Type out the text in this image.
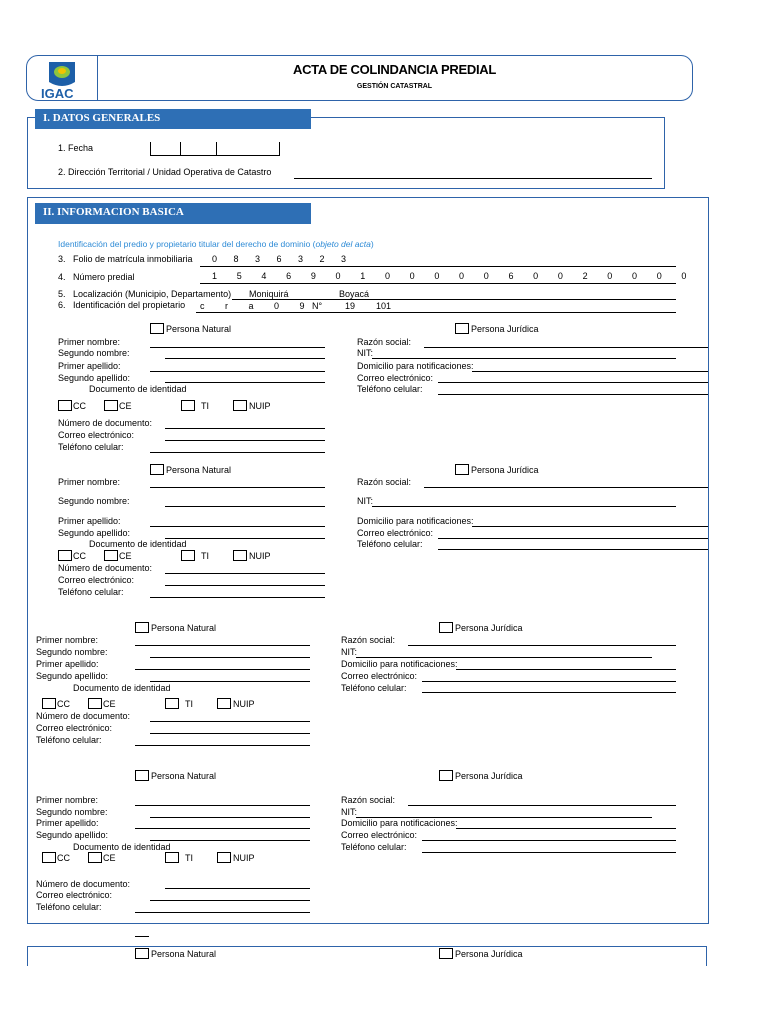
IGAC
ACTA DE COLINDANCIA PREDIAL
GESTIÓN CATASTRAL
I. DATOS GENERALES
1. Fecha
2. Dirección Territorial / Unidad Operativa de Catastro
II. INFORMACION BASICA
Identificación del predio y propietario titular del derecho de dominio (objeto del acta)
3. Folio de matrícula inmobiliaria 0 8 3 6 3 2 3
4. Número predial	1 5 4 6 9 0 1 0 0 0 0 0 6 0 0 2 0 0 0 0
5. Localización (Municipio, Departamento) Moniquirá	Boyacá
6. Identificación del propietario c r a 0 9
N°	19 101
Persona Natural	Persona Jurídica
Primer nombre:
Segundo nombre:
Primer apellido:
Segundo apellido:
Documento de identidad
CC	CE	TI	NUIP
Número de documento:
Correo electrónico:
Teléfono celular:
Razón social:
NIT:
Domicilio para notificaciones:
Correo electrónico:
Teléfono celular:
Persona Natural	Persona Jurídica
Primer nombre:
Segundo nombre:
Primer apellido:
Segundo apellido:
Documento de identidad
CC	CE	TI	NUIP
Número de documento:
Correo electrónico:
Teléfono celular:
Razón social:
NIT:
Domicilio para notificaciones:
Correo electrónico:
Teléfono celular:
Persona Natural	Persona Jurídica
Primer nombre:
Segundo nombre:
Primer apellido:
Segundo apellido:
Documento de identidad
CC	CE	TI	NUIP
Número de documento:
Correo electrónico:
Teléfono celular:
Razón social:
NIT:
Domicilio para notificaciones:
Correo electrónico:
Teléfono celular:
Persona Natural	Persona Jurídica
Primer nombre:
Segundo nombre:
Primer apellido:
Segundo apellido:
Documento de identidad
CC	CE	TI	NUIP
Número de documento:
Correo electrónico:
Teléfono celular:
Razón social:
NIT:
Domicilio para notificaciones:
Correo electrónico:
Teléfono celular:
Persona Natural	Persona Jurídica
